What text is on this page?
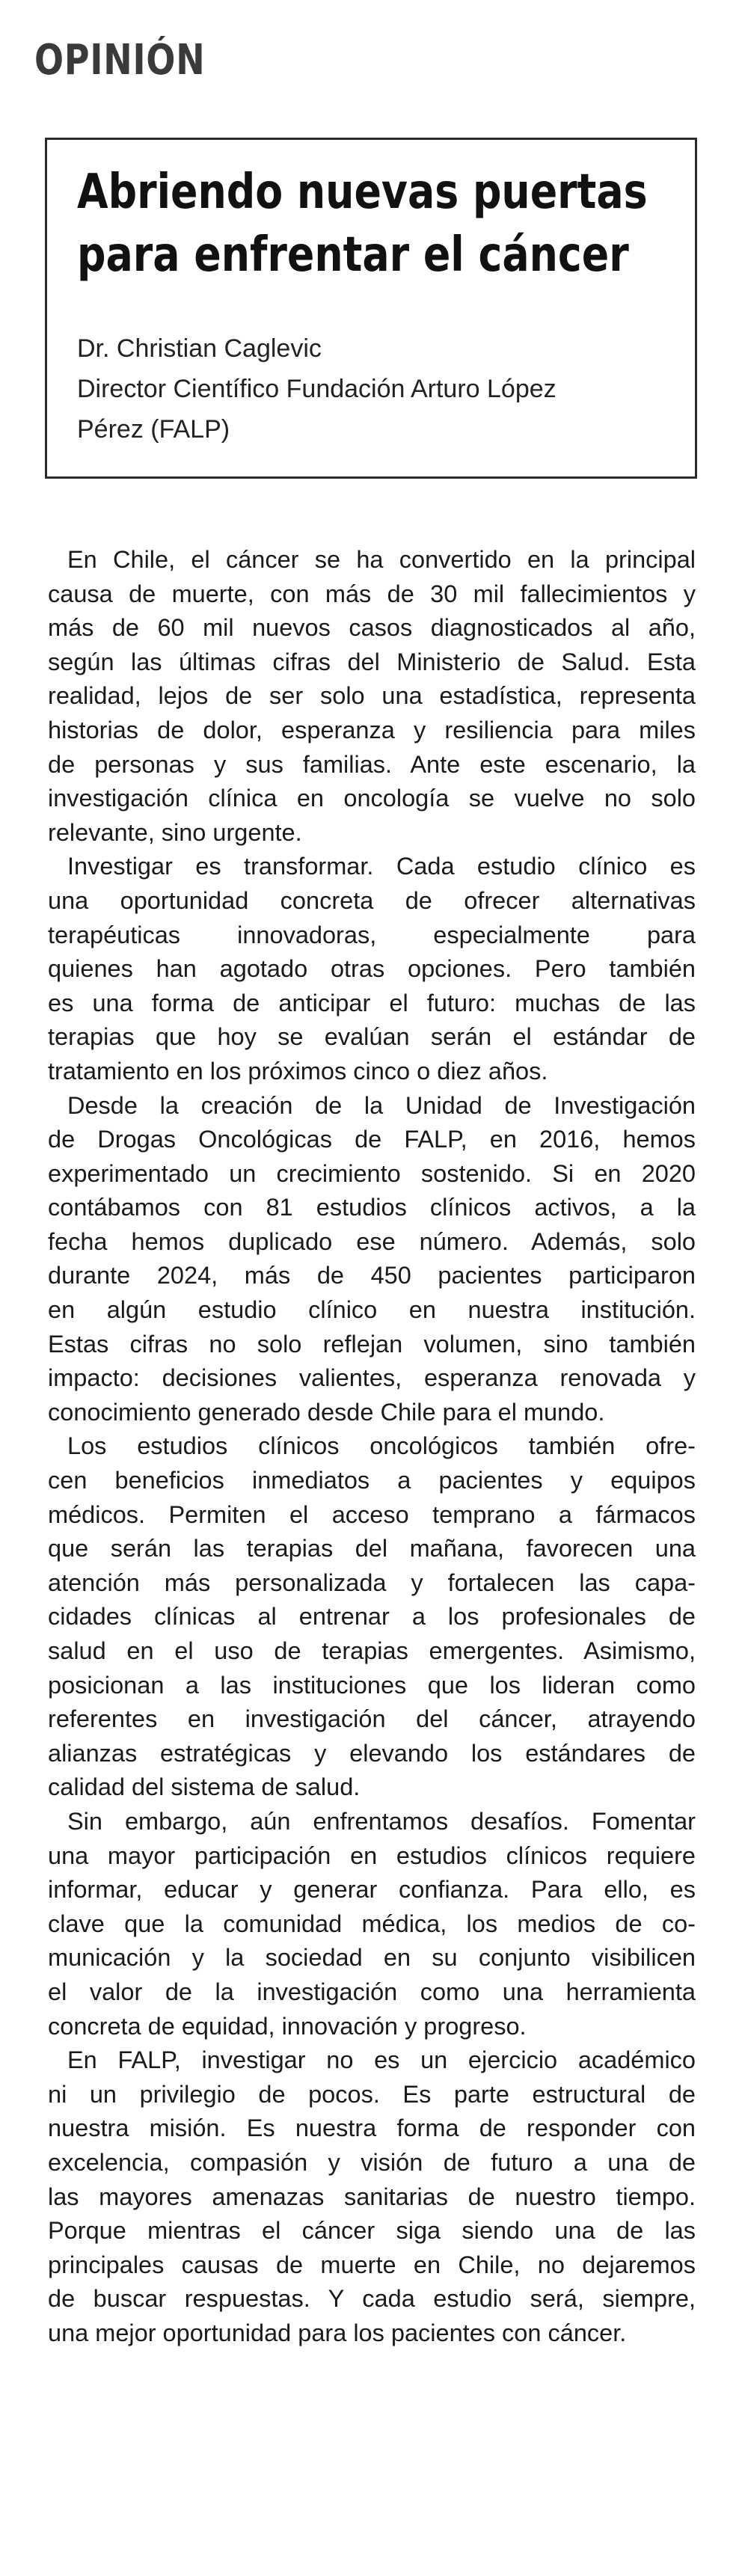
OPINIÓN
Abriendo nuevas puertas
para enfrentar el cáncer
Dr. Christian Caglevic
Director Científico Fundación Arturo López
Pérez (FALP)

En Chile, el cáncer se ha convertido en la principal
causa de muerte, con más de 30 mil fallecimientos y
más de 60 mil nuevos casos diagnosticados al año,
según las últimas cifras del Ministerio de Salud. Esta
realidad, lejos de ser solo una estadística, representa
historias de dolor, esperanza y resiliencia para miles
de personas y sus familias. Ante este escenario, la
investigación clínica en oncología se vuelve no solo
relevante, sino urgente.

Investigar es transformar. Cada estudio clínico es
una oportunidad concreta de ofrecer alternativas
terapéuticas innovadoras, especialmente para
quienes han agotado otras opciones. Pero también
es una forma de anticipar el futuro: muchas de las
terapias que hoy se evalúan serán el estándar de
tratamiento en los próximos cinco o diez años.

Desde la creación de la Unidad de Investigación
de Drogas Oncológicas de FALP, en 2016, hemos
experimentado un crecimiento sostenido. Si en 2020
contábamos con 81 estudios clínicos activos, a la
fecha hemos duplicado ese número. Además, solo
durante 2024, más de 450 pacientes participaron
en algún estudio clínico en nuestra institución.
Estas cifras no solo reflejan volumen, sino también
impacto: decisiones valientes, esperanza renovada y
conocimiento generado desde Chile para el mundo.

Los estudios clínicos oncológicos también ofre-
cen beneficios inmediatos a pacientes y equipos
médicos. Permiten el acceso temprano a fármacos
que serán las terapias del mañana, favorecen una
atención más personalizada y fortalecen las capa-
cidades clínicas al entrenar a los profesionales de
salud en el uso de terapias emergentes. Asimismo,
posicionan a las instituciones que los lideran como
referentes en investigación del cáncer, atrayendo
alianzas estratégicas y elevando los estándares de
calidad del sistema de salud.

Sin embargo, aún enfrentamos desafíos. Fomentar
una mayor participación en estudios clínicos requiere
informar, educar y generar confianza. Para ello, es
clave que la comunidad médica, los medios de co-
municación y la sociedad en su conjunto visibilicen
el valor de la investigación como una herramienta
concreta de equidad, innovación y progreso.

En FALP, investigar no es un ejercicio académico
ni un privilegio de pocos. Es parte estructural de
nuestra misión. Es nuestra forma de responder con
excelencia, compasión y visión de futuro a una de
las mayores amenazas sanitarias de nuestro tiempo.
Porque mientras el cáncer siga siendo una de las
principales causas de muerte en Chile, no dejaremos
de buscar respuestas. Y cada estudio será, siempre,
una mejor oportunidad para los pacientes con cáncer.
